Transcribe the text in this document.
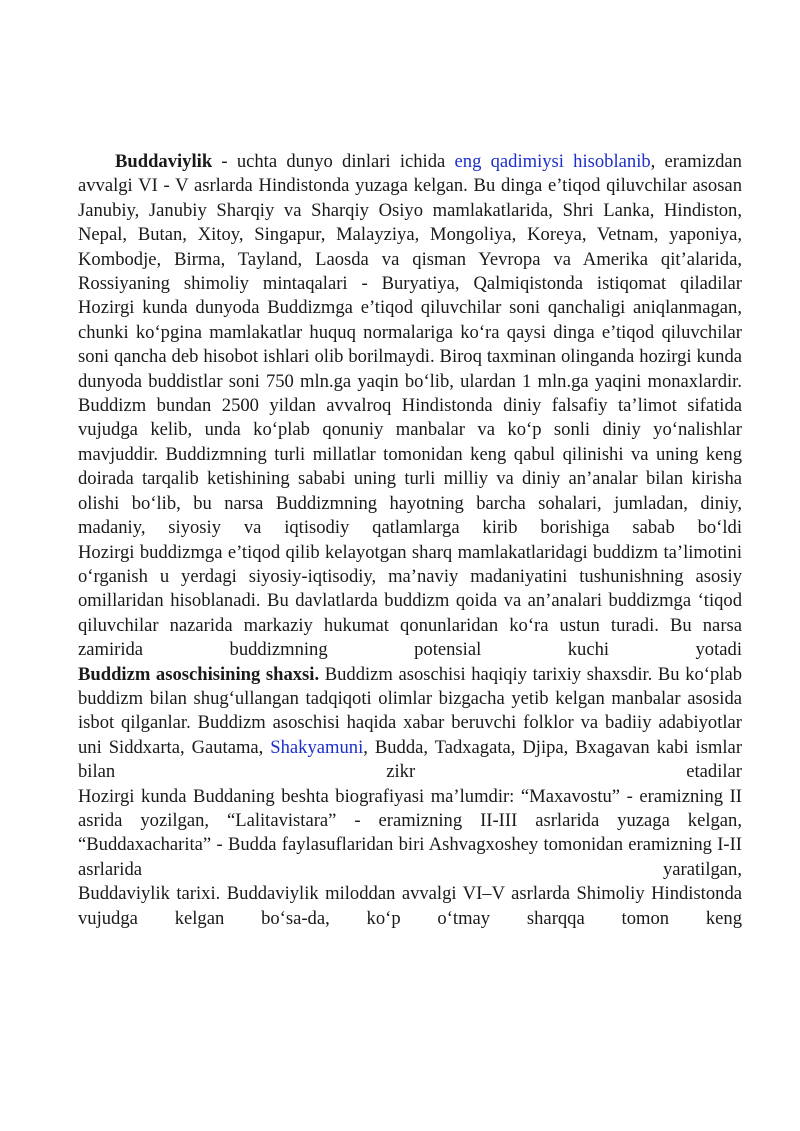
Buddaviylik - uchta dunyo dinlari ichida eng qadimiysi hisoblanib, eramizdan avvalgi VI - V asrlarda Hindistonda yuzaga kelgan. Bu dinga e’tiqod qiluvchilar asosan Janubiy, Janubiy Sharqiy va Sharqiy Osiyo mamlakatlarida, Shri Lanka, Hindiston, Nepal, Butan, Xitoy, Singapur, Malayziya, Mongoliya, Koreya, Vetnam, yaponiya, Kombodje, Birma, Tayland, Laosda va qisman Yevropa va Amerika qit’alarida, Rossiyaning shimoliy mintaqalari - Buryatiya, Qalmiqistonda istiqomat qiladilar

Hozirgi kunda dunyoda Buddizmga e’tiqod qiluvchilar soni qanchaligi aniqlanmagan, chunki ko‘pgina mamlakatlar huquq normalariga ko‘ra qaysi dinga e’tiqod qiluvchilar soni qancha deb hisobot ishlari olib borilmaydi. Biroq taxminan olinganda hozirgi kunda dunyoda buddistlar soni 750 mln.ga yaqin bo‘lib, ulardan 1 mln.ga yaqini monaxlardir.

Buddizm bundan 2500 yildan avvalroq Hindistonda diniy falsafiy ta’limot sifatida vujudga kelib, unda ko‘plab qonuniy manbalar va ko‘p sonli diniy yo‘nalishlar mavjuddir. Buddizmning turli millatlar tomonidan keng qabul qilinishi va uning keng doirada tarqalib ketishining sababi uning turli milliy va diniy an’analar bilan kirisha olishi bo‘lib, bu narsa Buddizmning hayotning barcha sohalari, jumladan, diniy, madaniy, siyosiy va iqtisodiy qatlamlarga kirib borishiga sabab bo‘ldi

Hozirgi buddizmga e’tiqod qilib kelayotgan sharq mamlakatlaridagi buddizm ta’limotini o‘rganish u yerdagi siyosiy-iqtisodiy, ma’naviy madaniyatini tushunishning asosiy omillaridan hisoblanadi. Bu davlatlarda buddizm qoida va an’analari buddizmga ‘tiqod qiluvchilar nazarida markaziy hukumat qonunlaridan ko‘ra ustun turadi. Bu narsa zamirida buddizmning potensial kuchi yotadi

Buddizm asoschisining shaxsi. Buddizm asoschisi haqiqiy tarixiy shaxsdir. Bu ko‘plab buddizm bilan shug‘ullangan tadqiqoti olimlar bizgacha yetib kelgan manbalar asosida isbot qilganlar. Buddizm asoschisi haqida xabar beruvchi folklor va badiiy adabiyotlar uni Siddxarta, Gautama, Shakyamuni, Budda, Tadxagata, Djipa, Bxagavan kabi ismlar bilan zikr etadilar

Hozirgi kunda Buddaning beshta biografiyasi ma’lumdir: “Maxavostu” - eramizning II asrida yozilgan, “Lalitavistara” - eramizning II-III asrlarida yuzaga kelgan, “Buddaxacharita” - Budda faylasuflaridan biri Ashvagxoshey tomonidan eramizning I-II asrlarida yaratilgan,

Buddaviylik tarixi. Buddaviylik miloddan avvalgi VI–V asrlarda Shimoliy Hindistonda vujudga kelgan bo‘sa-da, ko‘p o‘tmay sharqqa tomon keng
